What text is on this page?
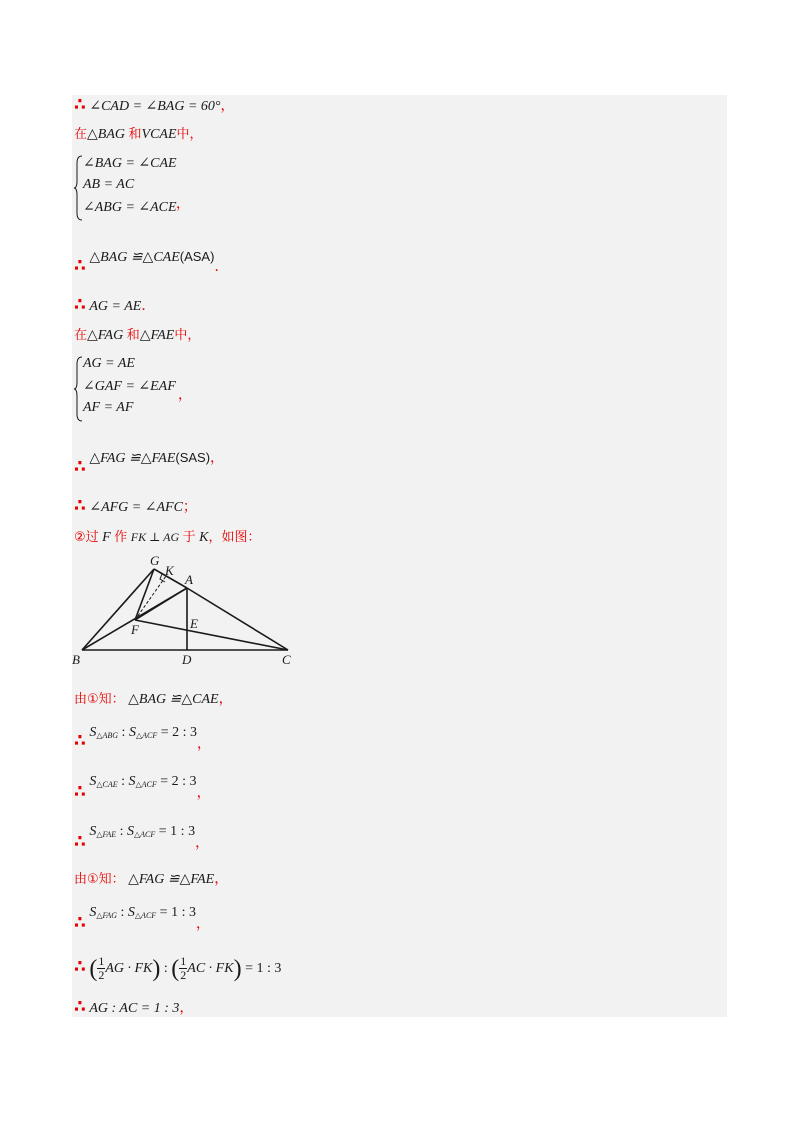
∴ ∠CAD = ∠BAG = 60°，
在△BAG 和VCAE中，
∠BAG = ∠CAE
AB = AC
∠ABG = ∠ACE ，
∴ △BAG ≌△CAE(ASA)．
∴ AG = AE．
在△FAG 和△FAE中，
AG = AE
∠GAF = ∠EAF
AF = AF
，
∴ △FAG ≌△FAE(SAS)，
∴ ∠AFG = ∠AFC；
②过 F 作 FK ⊥ AG 于 K，如图：
G
K
A
F	E
B	D	C
由①知： △BAG ≌△CAE，
∴ $S_{\triangle ABG}$ : $S_{\triangle ACF} = 2$ : 3，
∴ $S_{\triangle CAE}$ : $S_{\triangle ACF} = 2$ : 3，
∴ $S_{\triangle FAE}$ : $S_{\triangle ACF} = 1$ : 3，
由①知： △FAG ≌△FAE，
∴ $S_{\triangle FAG}$ : $S_{\triangle ACF} = 1$ : 3，
∴ ( $\frac{1}{2}$ AG · FK) : ( $\frac{1}{2}$ AC · FK) = 1 : 3
∴ AG : AC = 1 : 3，
